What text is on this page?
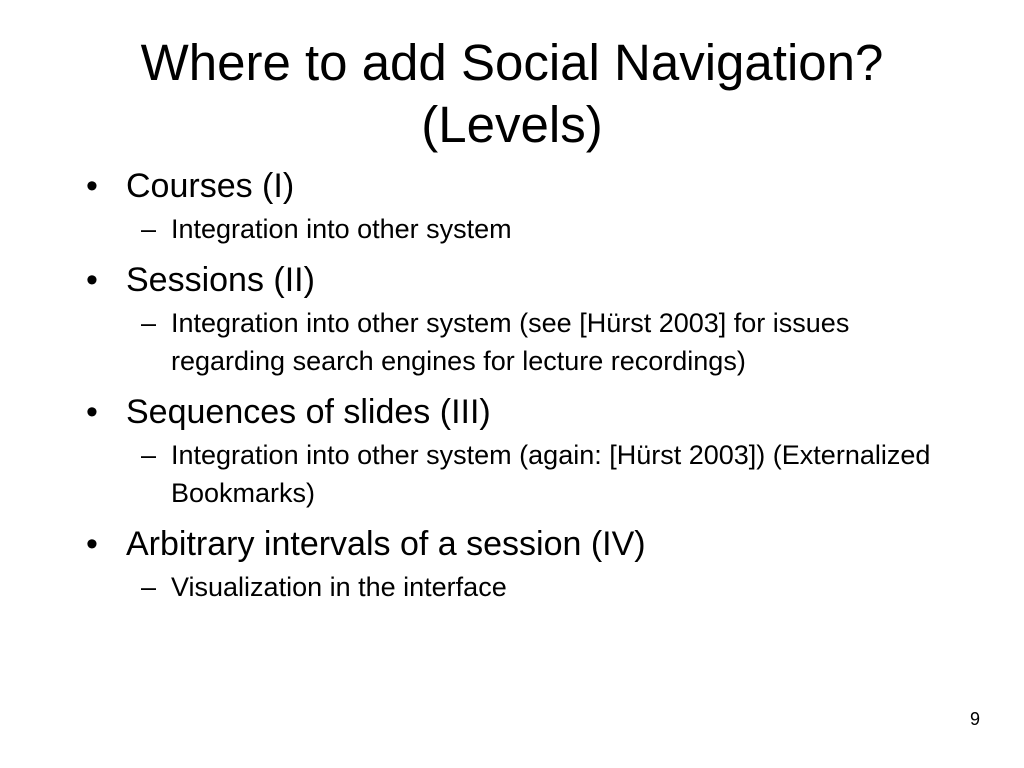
Where to add Social Navigation?
(Levels)
• Courses (I)
– Integration into other system
• Sessions (II)
– Integration into other system (see [Hürst 2003] for issues regarding search engines for lecture recordings)
• Sequences of slides (III)
– Integration into other system (again: [Hürst 2003]) (Externalized Bookmarks)
• Arbitrary intervals of a session (IV)
– Visualization in the interface
9
